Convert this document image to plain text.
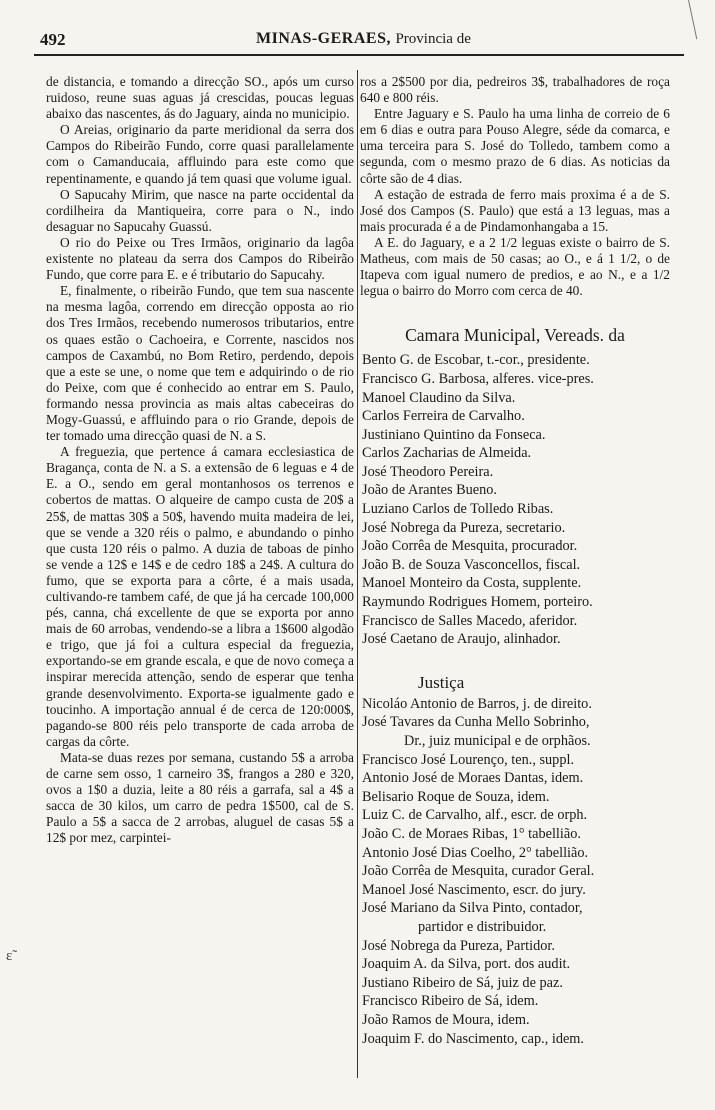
492	MINAS-GERAES, Provincia de

de distancia, e tomando a direcção SO., após um curso ruidoso, reune suas aguas já crescidas, poucas leguas abaixo das nascentes, ás do Jaguary, ainda no municipio.

O Areias, originario da parte meridional da serra dos Campos do Ribeirão Fundo, corre quasi parallelamente com o Camanducaia, affluindo para este como que repentinamente, e quando já tem quasi que volume igual.

O Sapucahy Mirim, que nasce na parte occidental da cordilheira da Mantiqueira, corre para o N., indo desaguar no Sapucahy Guassú.

O rio do Peixe ou Tres Irmãos, originario da lagôa existente no plateau da serra dos Campos do Ribeirão Fundo, que corre para E. e é tributario do Sapucahy.

E, finalmente, o ribeirão Fundo, que tem sua nascente na mesma lagôa, correndo em direcção opposta ao rio dos Tres Irmãos, recebendo numerosos tributarios, entre os quaes estão o Cachoeira, e Corrente, nascidos nos campos de Caxambú, no Bom Retiro, perdendo, depois que a este se une, o nome que tem e adquirindo o de rio do Peixe, com que é conhecido ao entrar em S. Paulo, formando nessa provincia as mais altas cabeceiras do Mogy-Guassú, e affluindo para o rio Grande, depois de ter tomado uma direcção quasi de N. a S.

A freguezia, que pertence á camara ecclesiastica de Bragança, conta de N. a S. a extensão de 6 leguas e 4 de E. a O., sendo em geral montanhosos os terrenos e cobertos de mattas. O alqueire de campo custa de 20$ a 25$, de mattas 30$ a 50$, havendo muita madeira de lei, que se vende a 320 réis o palmo, e abundando o pinho que custa 120 réis o palmo. A duzia de taboas de pinho se vende a 12$ e 14$ e de cedro 18$ a 24$. A cultura do fumo, que se exporta para a côrte, é a mais usada, cultivando-re tambem café, de que já ha cercade 100,000 pés, canna, chá excellente de que se exporta por anno mais de 60 arrobas, vendendo-se a libra a 1$600 algodão e trigo, que já foi a cultura especial da freguezia, exportando-se em grande escala, e que de novo começa a inspirar merecida attenção, sendo de esperar que tenha grande desenvolvimento. Exporta-se igualmente gado e toucinho. A importação annual é de cerca de 120:000$, pagando-se 800 réis pelo transporte de cada arroba de cargas da côrte.

Mata-se duas rezes por semana, custando 5$ a arroba de carne sem osso, 1 carneiro 3$, frangos a 280 e 320, ovos a 1$0 a duzia, leite a 80 réis a garrafa, sal a 4$ a sacca de 30 kilos, um carro de pedra 1$500, cal de S. Paulo a 5$ a sacca de 2 arrobas, aluguel de casas 5$ a 12$ por mez, carpintei-

ros a 2$500 por dia, pedreiros 3$, trabalhadores de roça 640 e 800 réis.

Entre Jaguary e S. Paulo ha uma linha de correio de 6 em 6 dias e outra para Pouso Alegre, séde da comarca, e uma terceira para S. José do Tolledo, tambem como a segunda, com o mesmo prazo de 6 dias. As noticias da côrte são de 4 dias.

A estação de estrada de ferro mais proxima é a de S. José dos Campos (S. Paulo) que está a 13 leguas, mas a mais procurada é a de Pindamonhangaba a 15.

A E. do Jaguary, e a 2 1/2 leguas existe o bairro de S. Matheus, com mais de 50 casas; ao O., e á 1 1/2, o de Itapeva com igual numero de predios, e ao N., e a 1/2 legua o bairro do Morro com cerca de 40.

Camara Municipal, Vereads. da
Bento G. de Escobar, t.-cor., presidente.
Francisco G. Barbosa, alferes. vice-pres.
Manoel Claudino da Silva.
Carlos Ferreira de Carvalho.
Justiniano Quintino da Fonseca.
Carlos Zacharias de Almeida.
José Theodoro Pereira.
João de Arantes Bueno.
Luziano Carlos de Tolledo Ribas.
José Nobrega da Pureza, secretario.
João Corrêa de Mesquita, procurador.
João B. de Souza Vasconcellos, fiscal.
Manoel Monteiro da Costa, supplente.
Raymundo Rodrigues Homem, porteiro.
Francisco de Salles Macedo, aferidor.
José Caetano de Araujo, alinhador.
Justiça
Nicoláo Antonio de Barros, j. de direito.
José Tavares da Cunha Mello Sobrinho,
Dr., juiz municipal e de orphãos.
Francisco José Lourenço, ten., suppl.
Antonio José de Moraes Dantas, idem.
Belisario Roque de Souza, idem.
Luiz C. de Carvalho, alf., escr. de orph.
João C. de Moraes Ribas, 1° tabellião.
Antonio José Dias Coelho, 2° tabellião.
João Corrêa de Mesquita, curador Geral.
Manoel José Nascimento, escr. do jury.
José Mariano da Silva Pinto, contador,
partidor e distribuidor.
José Nobrega da Pureza, Partidor.
Joaquim A. da Silva, port. dos audit.
Justiano Ribeiro de Sá, juiz de paz.
Francisco Ribeiro de Sá, idem.
João Ramos de Moura, idem.
Joaquim F. do Nascimento, cap., idem.
ɛ̃
